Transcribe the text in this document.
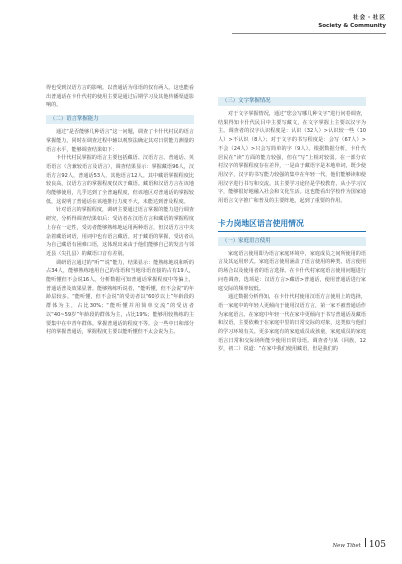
社会・社区
Society & Community

得也受到汉语方言的影响。以普通话为母语的仅有两人。这也能看出普通话在卡什代村的使用主要是通过后期学习及其他传播渠道影响的。

（二）语言掌握能力

通过“是否能够几种语言”这一问题，调查了卡什代村民的语言掌握能力，同时在调查过程中辅以观察法确定其对日常能力测量的语言水平，能够调查结果如下：

卡什代村民掌握的语言主要包括藏语、汉语方言、普通话、英语语言（含兼较语言及语言），调查结果显示：掌握藏语96人，汉语方言92人，普通话53人，其他语言12人。其中藏语掌握程度比较良高，汉语方言的掌握程度仅次于藏语。藏语和汉语方言在该地均能够使用，几乎达到了全普遍程度，但该地区对普通话的掌握较低，这说明了普通话在该地推行力度不大，未能达到普及程度。

针对语言的掌握程度，调研主要通过语言掌握的能力进行调查研究，分析得调查结果如后：受访者在汉语方言和藏语的掌握程度上存在一定性，受访者能够熟练地运用两种语言，但汉语方言中夹杂着藏语词语，用词中也有语言藏语。对于藏语的掌握，受访者认为自己藏语有困难口语，这体现出来由于他们能够自己的发音与邻近县（尖扎县）的藏语口音有差别。

调研语言通过的“听”“说”能力，结果显示：能熟练地说和听的占34人，能够熟练地用自己的母语和当地母语直接的占有19人，能听懂但不会说16人。分析数据可知普通话掌握程度中等偏上，普通话普及效果显著。能够熟练听说者，“能听懂，但不会说”的年龄层较多。“能听懂，但不会说”的受访者以“60岁以上”年龄段的群体为主，占比30%；“能听懂并用简单交流”的受访者以“40~59岁”年龄段的群体为主，占比19%；能够用较熟练的主要集中在中青年群体。掌握普通话的程度不等。会一些中日和部分村的掌握普通话，掌握程度主要以能听懂但不太会说为主。

（三）文字掌握情况

对于文字掌握情况，通过“您会写哪几种文字”进行问卷调查，结果得知卡什代民目中主要写藏文，在文字掌握上主要以汉字为主。调查者的汉字认识程度是：认识（32人）>认识较一些（10人）>不认识（8人）；对于文字的书写程度是：会写（67人）>不会（24人）>只会写简单的字（9人）。根据数据分析，卡什代居民在“读”方面的能力较强，但在“写”上相对较弱。在一部分农村汉字的掌握程度存在差异，一是由于藏语字是本地单词，既少使用汉字，汉字的书写能力较强的集中在年轻一代，他们能够读和使用汉字进行书写和交流。其主要学习途径是学校教育，从小学习汉字，能够很好地融入社会和文化生活。这也能看出学校作为国家通用语言文字推广和普及的主要阵地，起到了重要的作用。

卡力岗地区语言使用情况
（一）家庭语言使用

家庭语言使用即为语言家庭环境中，家庭成员之间所使用的语言及其运用形式。家庭语言使用涵盖了语言使用的种类、语言使用的场合以及使用者的语言选择。在卡什代村家庭语言使用问题进行问卷调查，选项是：汉语方言>藏语>普通话，使用普通话进行家庭交际的频率较低。

通过数据分析得知，在卡什代村使用汉语方言使用上的选择，语一家庭中的年轻人更倾向于使用汉语方言，第一家不被普通话作为家庭语言。在家庭中年轻一代在家中更倾向于书写普通话及藏语和汉语，主要依赖于在家庭中里的日常交际的对象，这类似与他们的学习环境有关。更多家庭有的家庭成员或孩童，家庭成员的家庭语言日常和交际场所能少使用日常母语。调查者与某（回族，12岁，初二）说道：“在家中我们使用藏语，但是我们的

New Tibet 105
